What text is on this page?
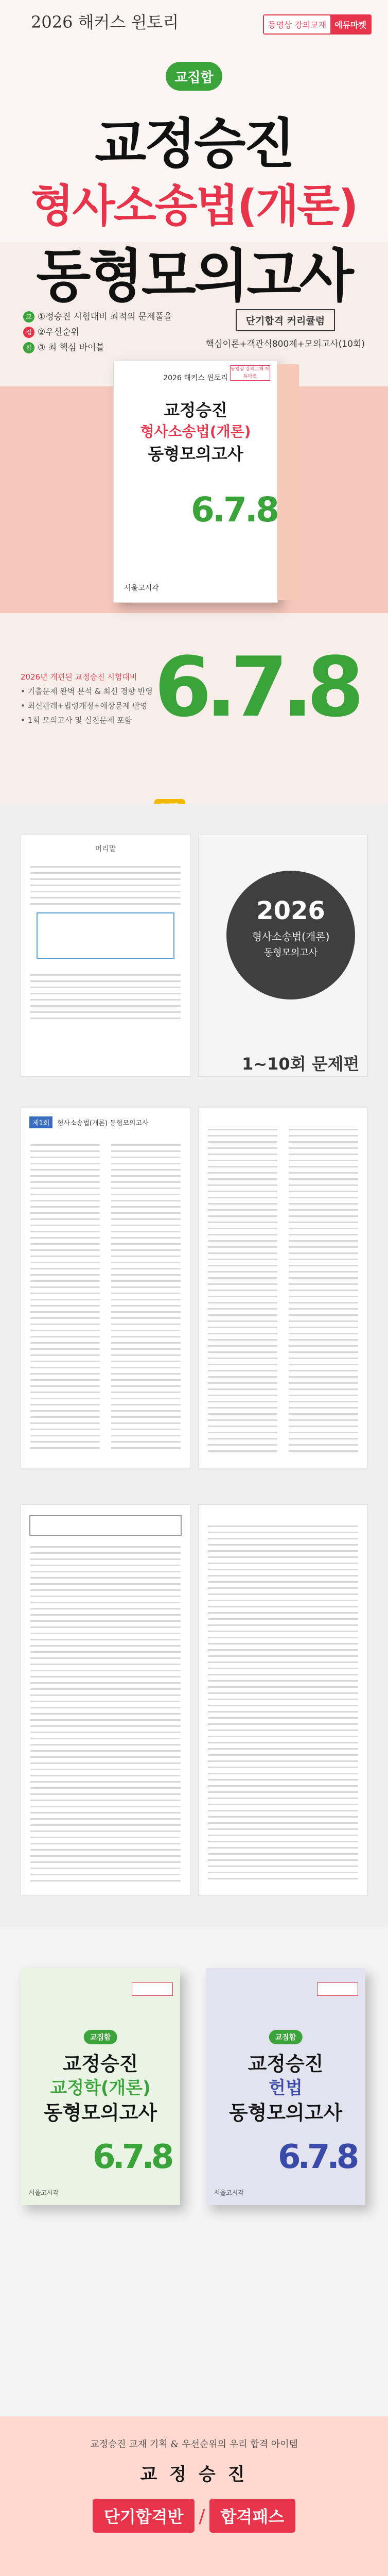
2026 해커스 윈토리	동영상 강의교재	에듀마켓
교집합
교정승진
형사소송법(개론)
동형모의고사
교 ①정승진 시험대비 최적의 문제풀을
집 ②우선순위
합 ③ 최 핵심 바이블
단기합격 커리큘럼
핵심이론+객관식800제+모의고사(10회)
2026 해커스 윈토리
동영상 강의교재 에듀마켓
교정승진
형사소송법(개론)
동형모의고사
6.7.8
서울고시각
2026년 개편된 교정승진 시험대비
• 기출문제 완벽 분석 & 최신 경향 반영
• 최신판례+법령개정+예상문제 반영
• 1회 모의고사 및 실전문제 포함 6.7.8
머리말
2026
형사소송법(개론)
동형모의고사
1~10회 문제편
제1회	형사소송법(개론) 동형모의고사
교집합
교정승진
교정학(개론)
동형모의고사
6.7.8
서울고시각
교집합
교정승진
헌법
동형모의고사
6.7.8
서울고시각
교정승진 교재 기획 & 우선순위의 우리 합격 아이템
교 정 승 진
단기합격반 / 합격패스
